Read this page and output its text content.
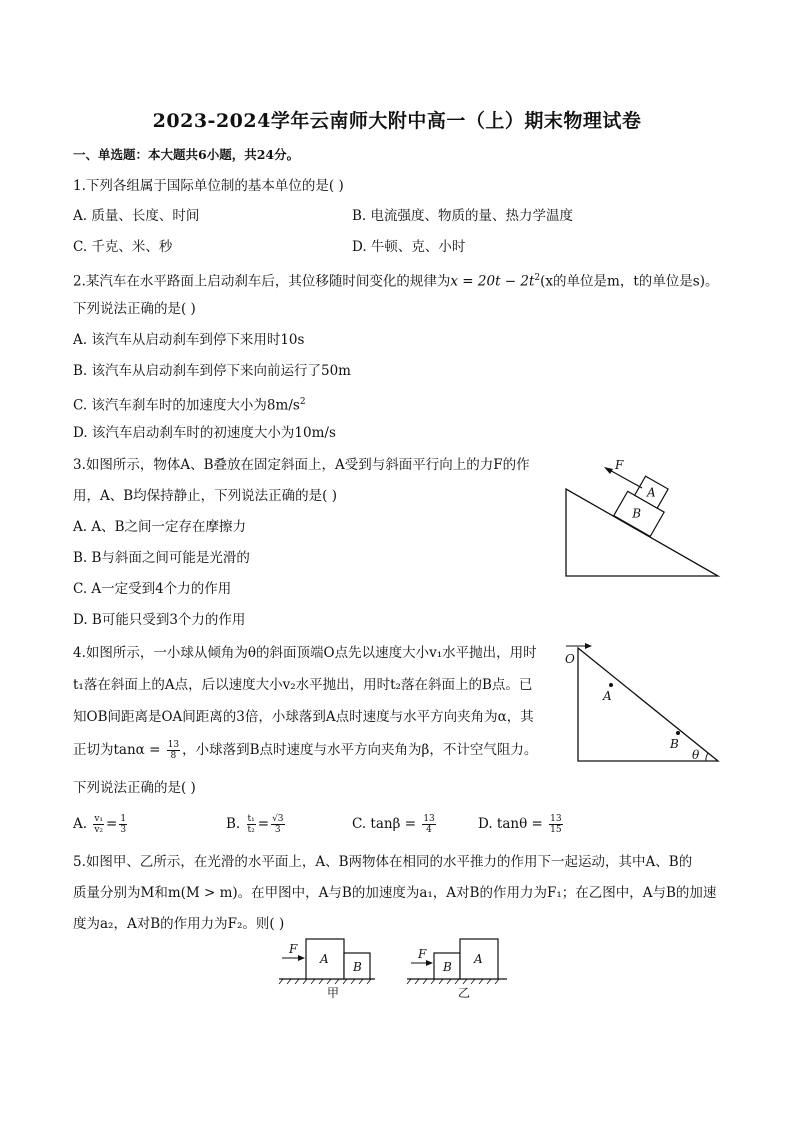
2023-2024学年云南师大附中高一（上）期末物理试卷
一、单选题：本大题共6小题，共24分。
1.下列各组属于国际单位制的基本单位的是( )
A. 质量、长度、时间	B. 电流强度、物质的量、热力学温度
C. 千克、米、秒	D. 牛顿、克、小时
2.某汽车在水平路面上启动刹车后，其位移随时间变化的规律为$x = 20t - 2t^2(x$的单位是m，t的单位是s)。
下列说法正确的是( )
A. 该汽车从启动刹车到停下来用时10s
B. 该汽车从启动刹车到停下来向前运行了50m
C. 该汽车刹车时的加速度大小为$8m/s^2$
D. 该汽车启动刹车时的初速度大小为10m/s
3.如图所示，物体A、B叠放在固定斜面上，A受到与斜面平行向上的力F的作
用，A、B均保持静止，下列说法正确的是( )
A. A、B之间一定存在摩擦力
B. B与斜面之间可能是光滑的
C. A一定受到4个力的作用
D. B可能只受到3个力的作用
B
A
F
4.如图所示，一小球从倾角为θ的斜面顶端O点先以速度大小v₁水平抛出，用时
t₁落在斜面上的A点，后以速度大小v₂水平抛出，用时t₂落在斜面上的B点。已
知OB间距离是OA间距离的3倍，小球落到A点时速度与水平方向夹角为α，其
正切为$\tan\alpha = \frac{13}{8}$ ，小球落到B点时速度与水平方向夹角为β，不计空气阻力。
下列说法正确的是( )
A. $\frac{\text{v₁}}{\text{v₂}} = \frac{1}{3}$	B. $\frac{\text{t₁}}{\text{t₂}} = \frac{√3}{3}$	C. $\tan\beta = \frac{13}{4}$	D. $\tan\theta = \frac{13}{15}$
O
A
B
θ
5.如图甲、乙所示，在光滑的水平面上，A、B两物体在相同的水平推力的作用下一起运动，其中A、B的
质量分别为M和m(M > m)。在甲图中，A与B的加速度为a₁，A对B的作用力为F₁；在乙图中，A与B的加速
度为a₂，A对B的作用力为F₂。则( )
A
B
F
甲
B
A
F
乙
